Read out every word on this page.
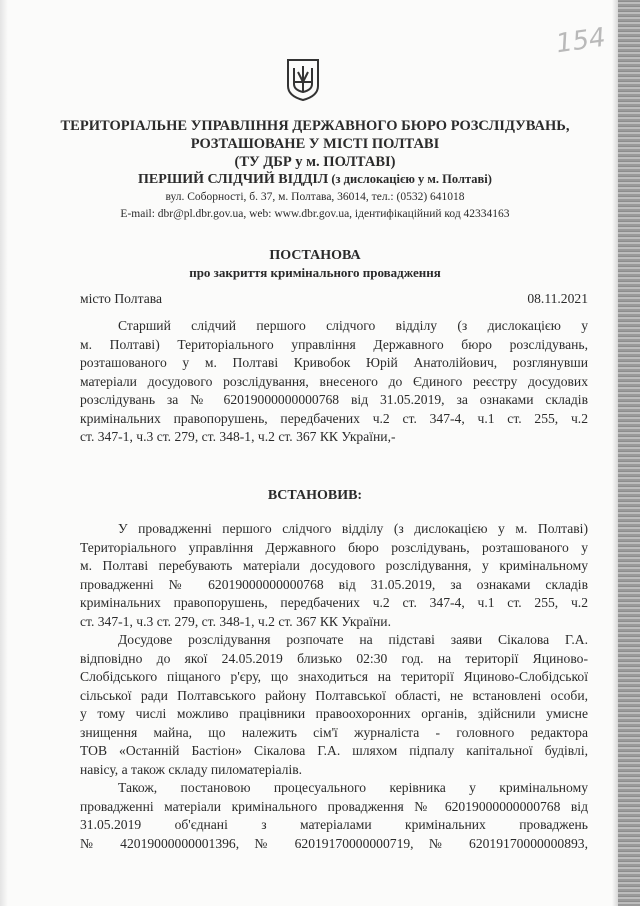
154
ТЕРИТОРІАЛЬНЕ УПРАВЛІННЯ ДЕРЖАВНОГО БЮРО РОЗСЛІДУВАНЬ,
РОЗТАШОВАНЕ У МІСТІ ПОЛТАВІ
(ТУ ДБР у м. ПОЛТАВІ)
ПЕРШИЙ СЛІДЧИЙ ВІДДІЛ (з дислокацією у м. Полтаві)
вул. Соборності, б. 37, м. Полтава, 36014, тел.: (0532) 641018
E-mail: dbr@pl.dbr.gov.ua, web: www.dbr.gov.ua, ідентифікаційний код 42334163
ПОСТАНОВА
про закриття кримінального провадження
місто Полтава	08.11.2021
Старший слідчий першого слідчого відділу (з дислокацією у
м. Полтаві) Територіального управління Державного бюро розслідувань,
розташованого у м. Полтаві Кривобок Юрій Анатолійович, розглянувши
матеріали досудового розслідування, внесеного до Єдиного реєстру досудових
розслідувань за № 62019000000000768 від 31.05.2019, за ознаками складів
кримінальних правопорушень, передбачених ч.2 ст. 347-4, ч.1 ст. 255, ч.2
ст. 347-1, ч.3 ст. 279, ст. 348-1, ч.2 ст. 367 КК України,-
ВСТАНОВИВ:
У провадженні першого слідчого відділу (з дислокацією у м. Полтаві)
Територіального управління Державного бюро розслідувань, розташованого у
м. Полтаві перебувають матеріали досудового розслідування, у кримінальному
провадженні № 62019000000000768 від 31.05.2019, за ознаками складів
кримінальних правопорушень, передбачених ч.2 ст. 347-4, ч.1 ст. 255, ч.2
ст. 347-1, ч.3 ст. 279, ст. 348-1, ч.2 ст. 367 КК України.
Досудове розслідування розпочате на підставі заяви Сікалова Г.А.
відповідно до якої 24.05.2019 близько 02:30 год. на території Яциново-
Слобідського піщаного р'єру, що знаходиться на території Яциново-Слобідської
сільської ради Полтавського району Полтавської області, не встановлені особи,
у тому числі можливо працівники правоохоронних органів, здійснили умисне
знищення майна, що належить сім'ї журналіста - головного редактора
ТОВ «Останній Бастіон» Сікалова Г.А. шляхом підпалу капітальної будівлі,
навісу, а також складу пиломатеріалів.
Також, постановою процесуального керівника у кримінальному
провадженні матеріали кримінального провадження № 62019000000000768 від
31.05.2019 об'єднані з матеріалами кримінальних проваджень
№ 42019000000001396, № 62019170000000719, № 62019170000000893,
